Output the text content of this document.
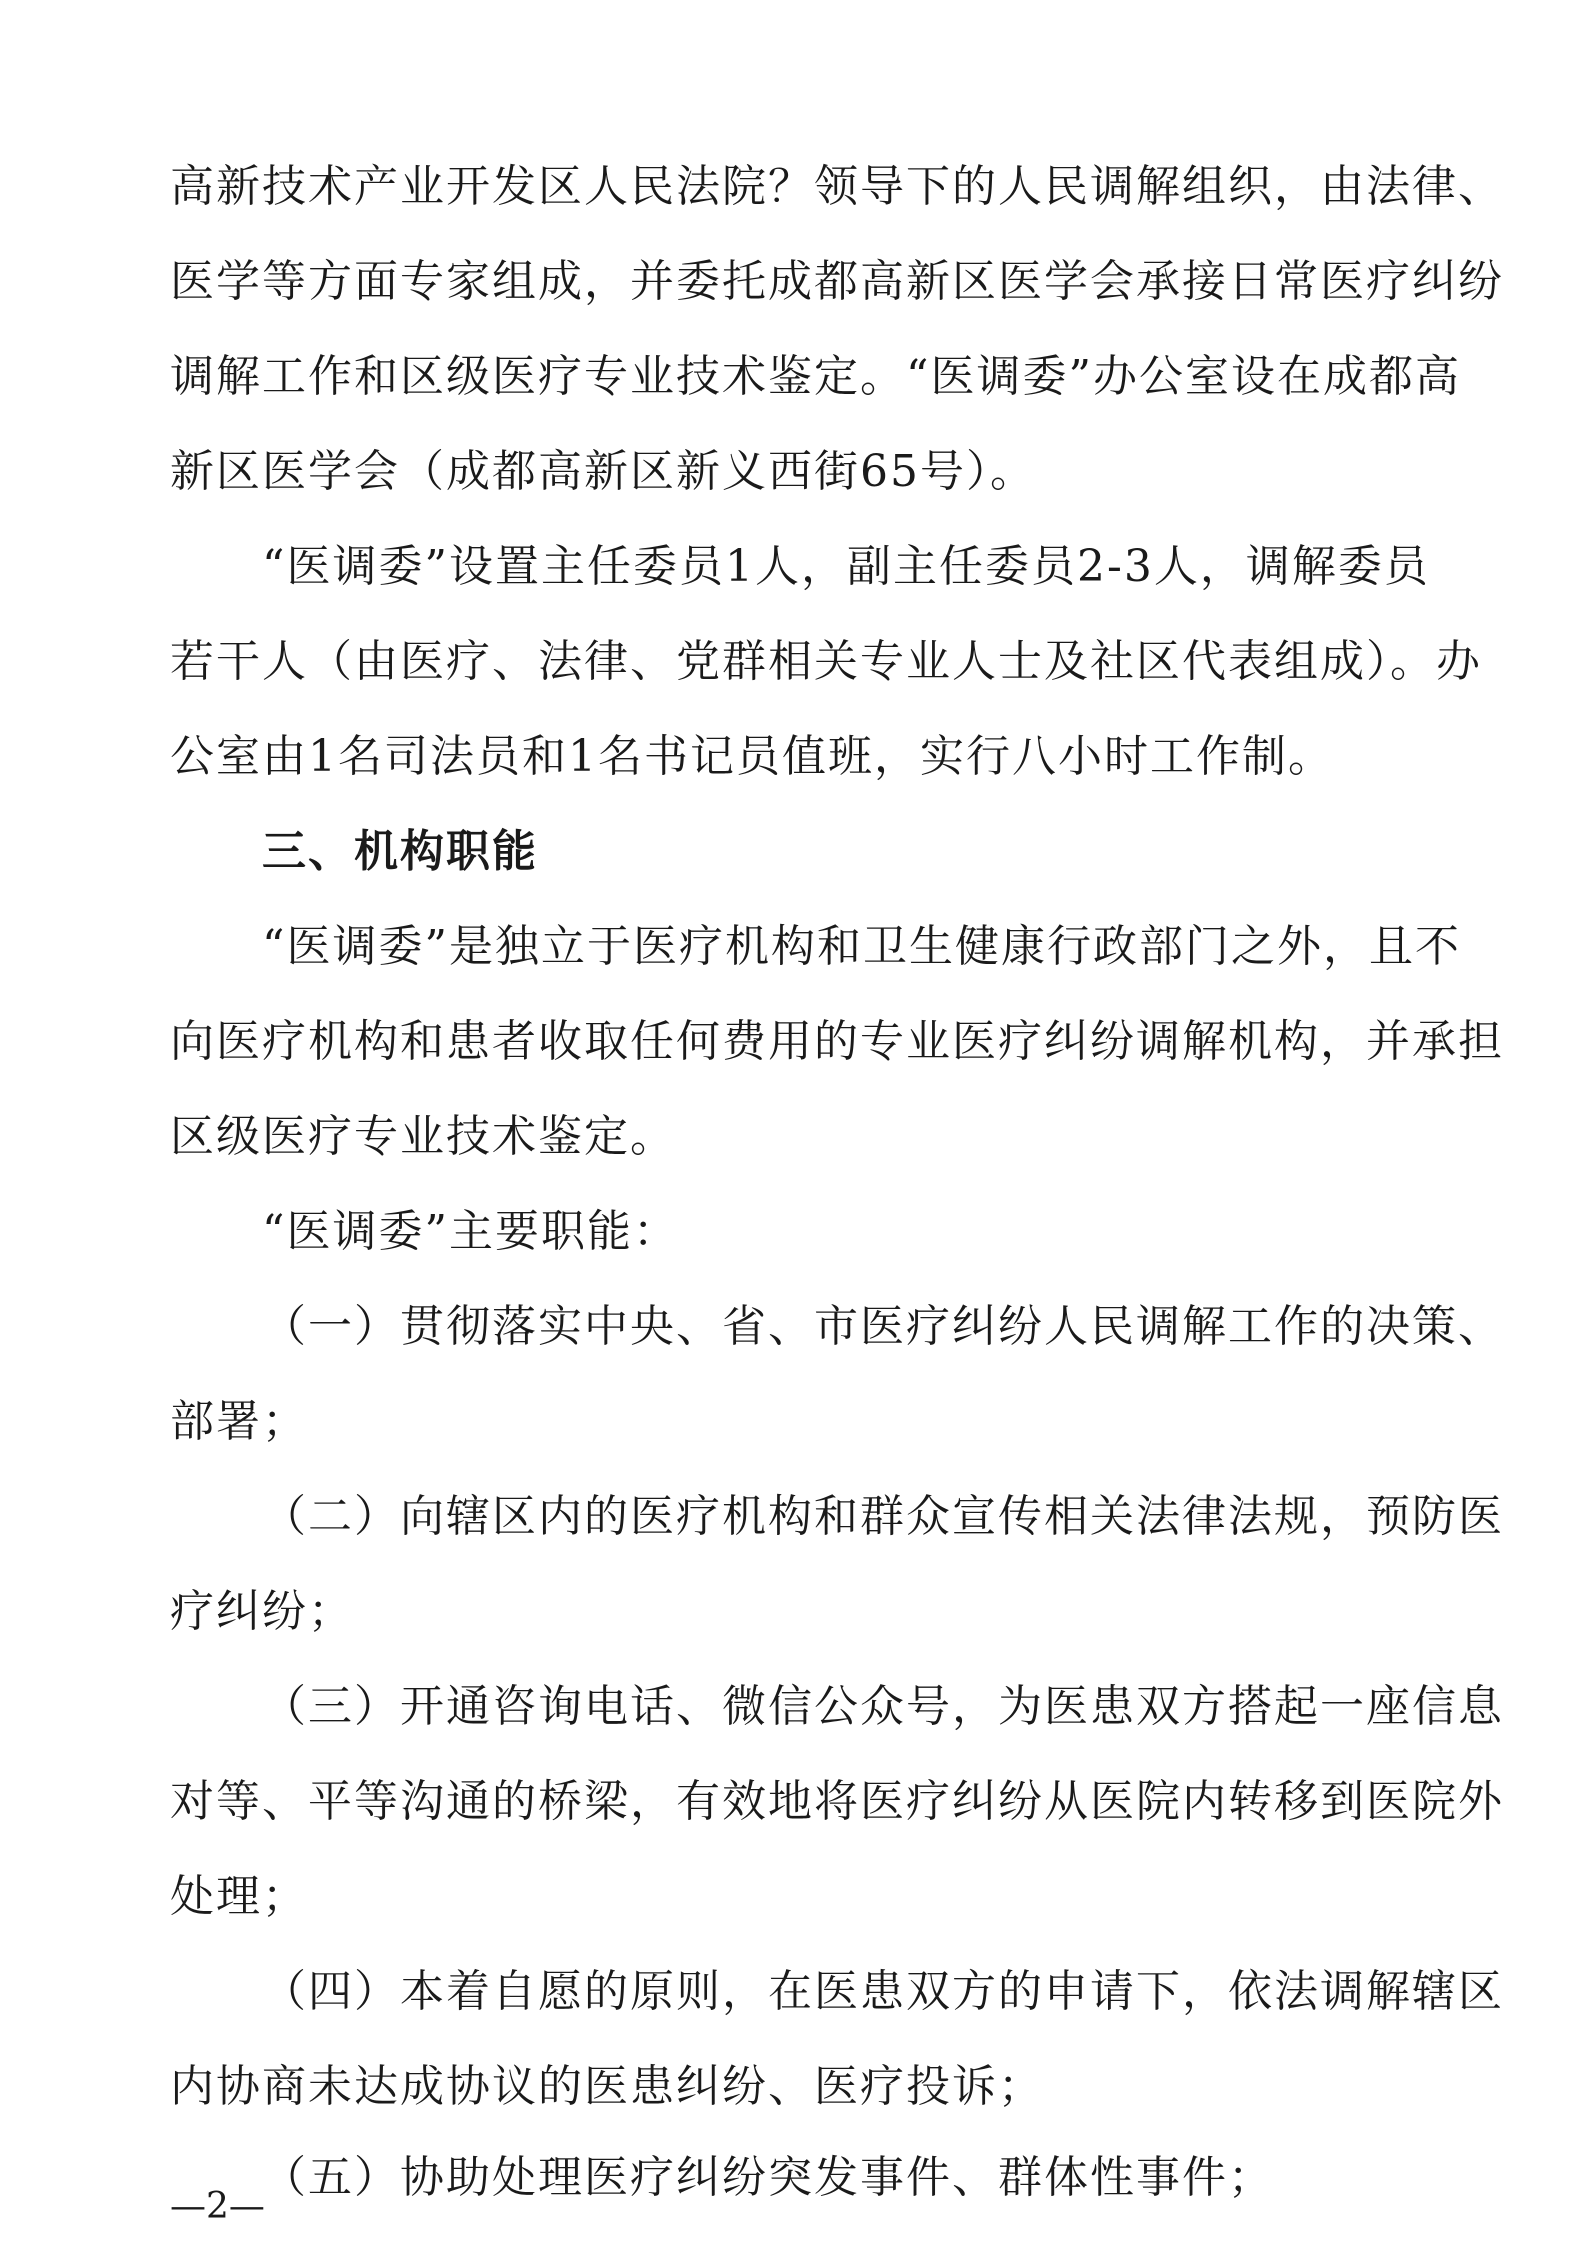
高新技术产业开发区人民法院？领导下的人民调解组织，由法律、
医学等方面专家组成，并委托成都高新区医学会承接日常医疗纠纷
调解工作和区级医疗专业技术鉴定。“医调委”办公室设在成都高
新区医学会（成都高新区新义西街65号）。
“医调委”设置主任委员1人，副主任委员2-3人，调解委员
若干人（由医疗、法律、党群相关专业人士及社区代表组成）。办
公室由1名司法员和1名书记员值班，实行八小时工作制。
三、机构职能
“医调委”是独立于医疗机构和卫生健康行政部门之外，且不
向医疗机构和患者收取任何费用的专业医疗纠纷调解机构，并承担
区级医疗专业技术鉴定。
“医调委”主要职能：
（一）贯彻落实中央、省、市医疗纠纷人民调解工作的决策、
部署；
（二）向辖区内的医疗机构和群众宣传相关法律法规，预防医
疗纠纷；
（三）开通咨询电话、微信公众号，为医患双方搭起一座信息
对等、平等沟通的桥梁，有效地将医疗纠纷从医院内转移到医院外
处理；
（四）本着自愿的原则，在医患双方的申请下，依法调解辖区
内协商未达成协议的医患纠纷、医疗投诉；
（五）协助处理医疗纠纷突发事件、群体性事件；
—2—
